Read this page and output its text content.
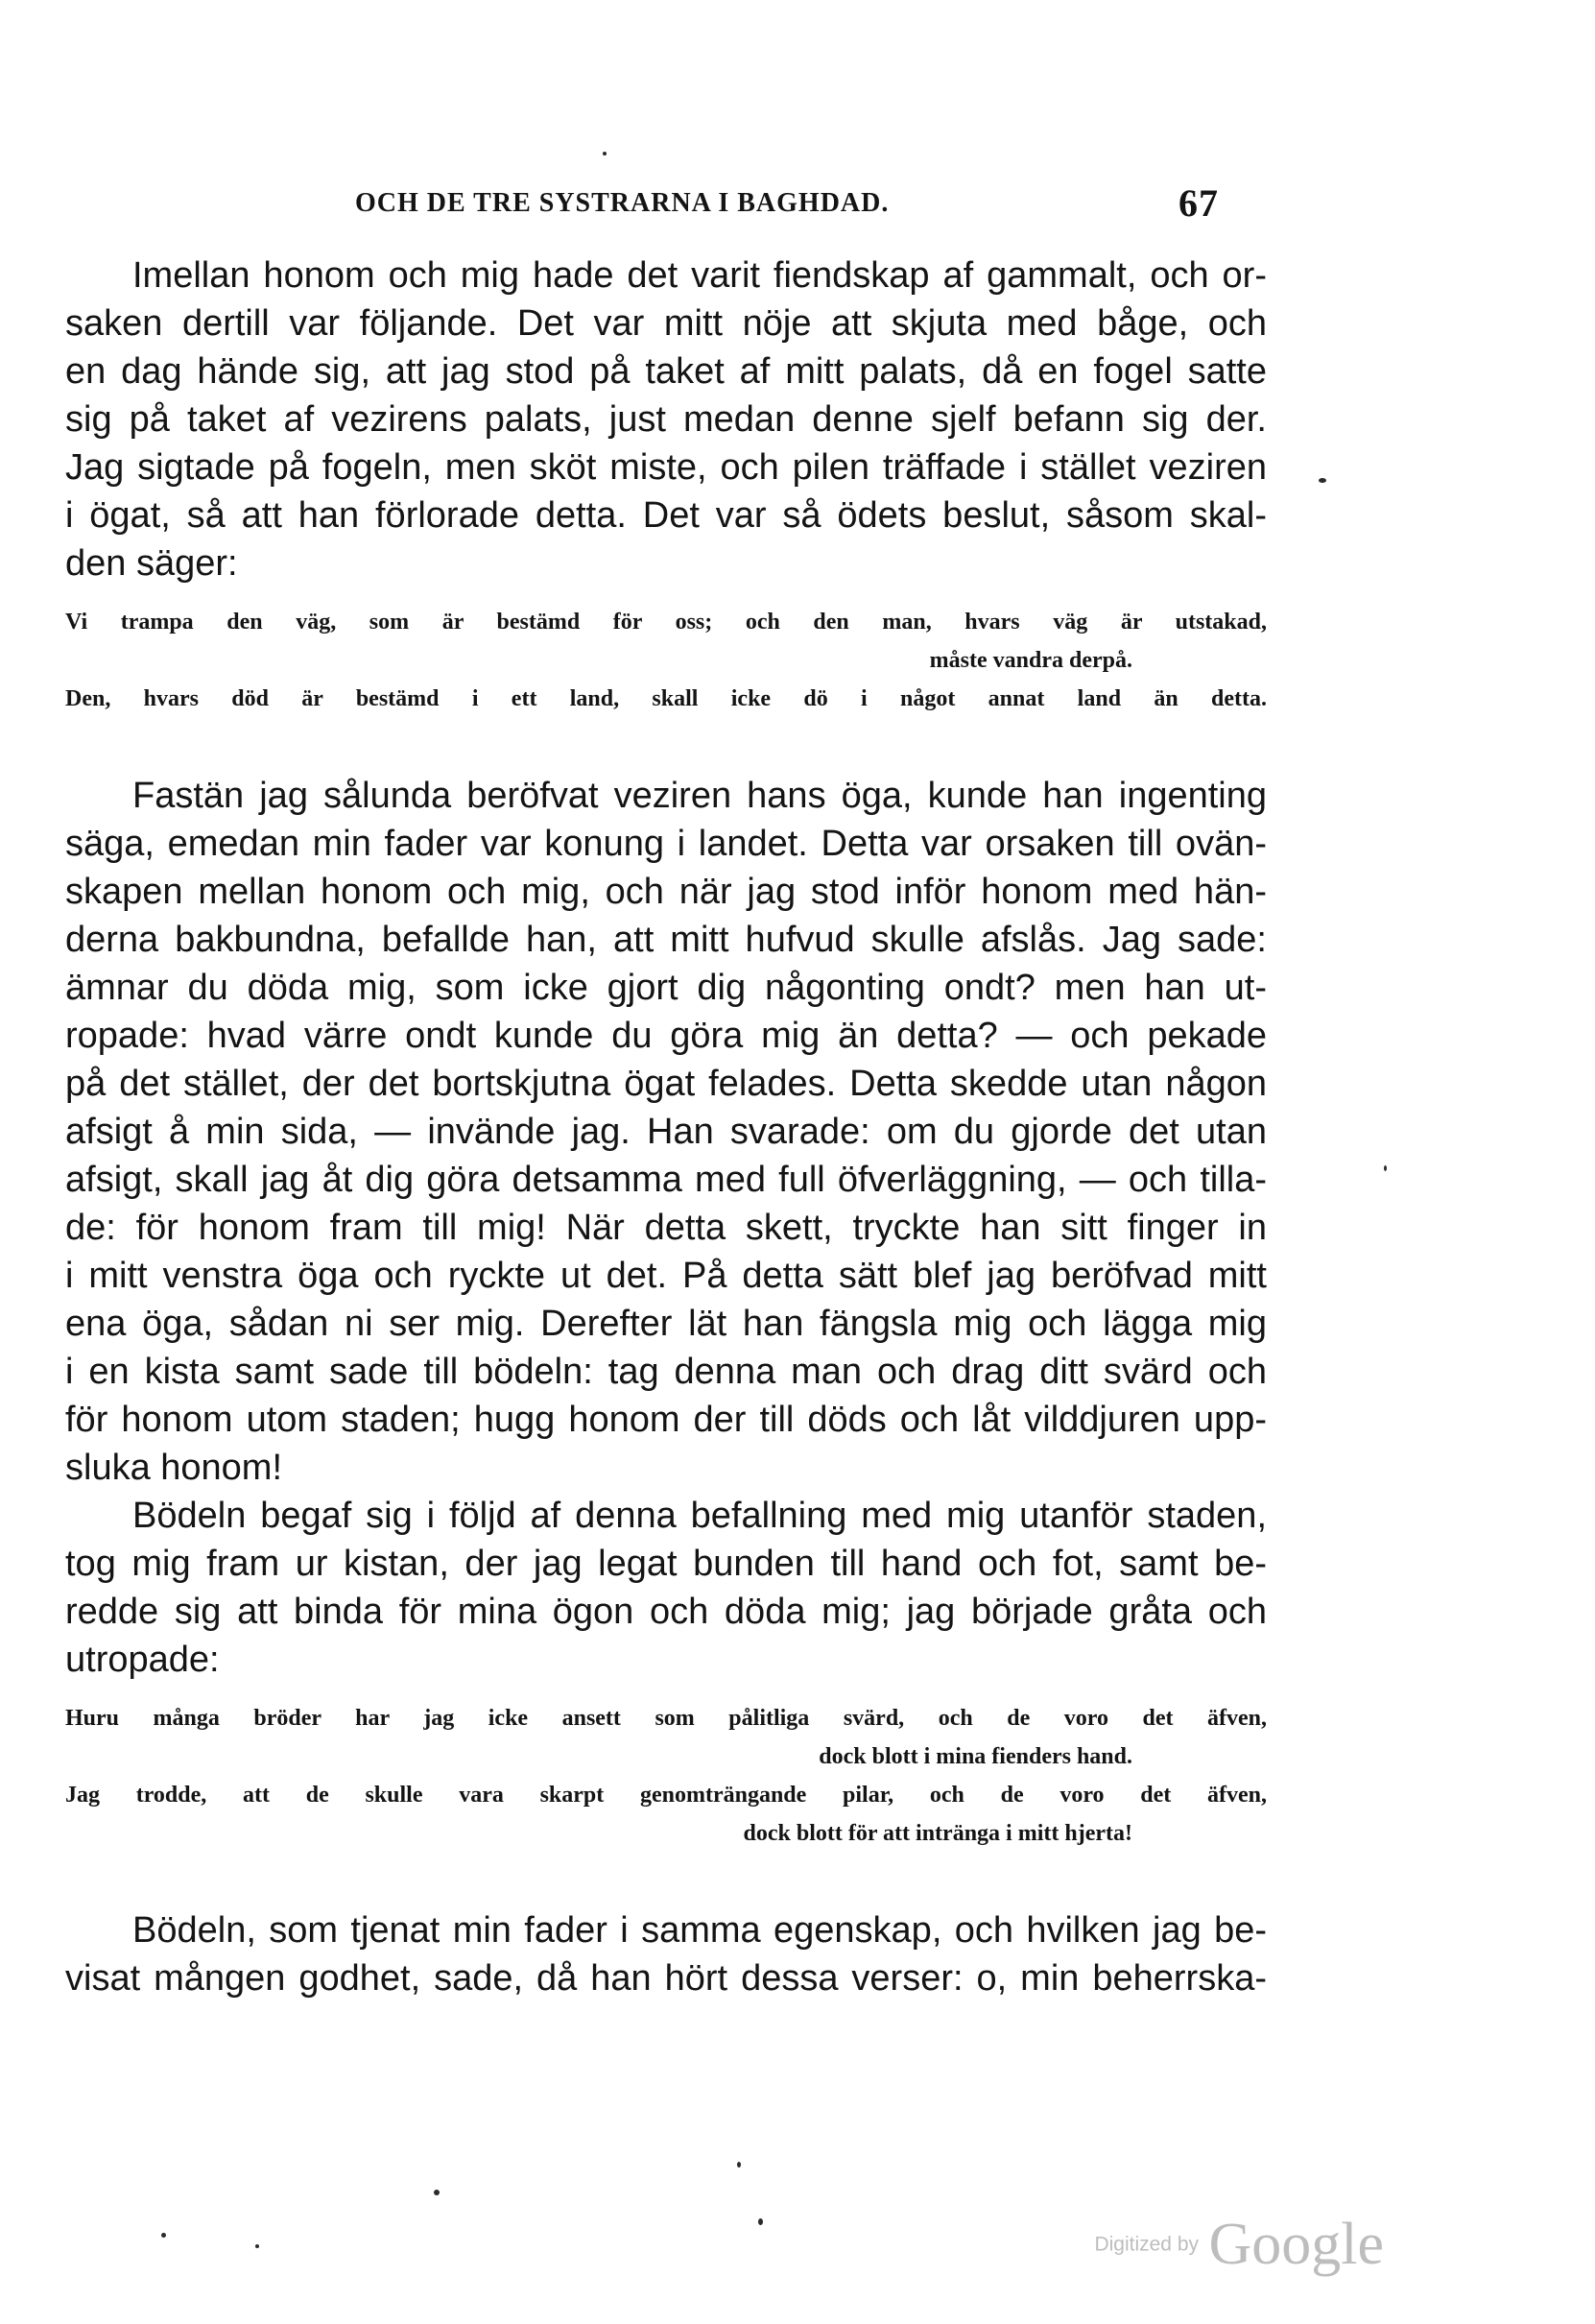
OCH DE TRE SYSTRARNA I BAGHDAD.	67
Imellan honom och mig hade det varit fiendskap af gammalt, och or-
saken dertill var följande. Det var mitt nöje att skjuta med båge, och
en dag hände sig, att jag stod på taket af mitt palats, då en fogel satte
sig på taket af vezirens palats, just medan denne sjelf befann sig der.
Jag sigtade på fogeln, men sköt miste, och pilen träffade i stället veziren
i ögat, så att han förlorade detta. Det var så ödets beslut, såsom skal-
den säger:
Vi trampa den väg, som är bestämd för oss; och den man, hvars väg är utstakad,
måste vandra derpå.
Den, hvars död är bestämd i ett land, skall icke dö i något annat land än detta.
Fastän jag sålunda beröfvat veziren hans öga, kunde han ingenting
säga, emedan min fader var konung i landet. Detta var orsaken till ovän-
skapen mellan honom och mig, och när jag stod inför honom med hän-
derna bakbundna, befallde han, att mitt hufvud skulle afslås. Jag sade:
ämnar du döda mig, som icke gjort dig någonting ondt? men han ut-
ropade: hvad värre ondt kunde du göra mig än detta? — och pekade
på det stället, der det bortskjutna ögat felades. Detta skedde utan någon
afsigt å min sida, — invände jag. Han svarade: om du gjorde det utan
afsigt, skall jag åt dig göra detsamma med full öfverläggning, — och tilla-
de: för honom fram till mig! När detta skett, tryckte han sitt finger in
i mitt venstra öga och ryckte ut det. På detta sätt blef jag beröfvad mitt
ena öga, sådan ni ser mig. Derefter lät han fängsla mig och lägga mig
i en kista samt sade till bödeln: tag denna man och drag ditt svärd och
för honom utom staden; hugg honom der till döds och låt vilddjuren upp-
sluka honom!
Bödeln begaf sig i följd af denna befallning med mig utanför staden,
tog mig fram ur kistan, der jag legat bunden till hand och fot, samt be-
redde sig att binda för mina ögon och döda mig; jag började gråta och
utropade:
Huru många bröder har jag icke ansett som pålitliga svärd, och de voro det äfven,
dock blott i mina fienders hand.
Jag trodde, att de skulle vara skarpt genomträngande pilar, och de voro det äfven,
dock blott för att intränga i mitt hjerta!
Bödeln, som tjenat min fader i samma egenskap, och hvilken jag be-
visat mången godhet, sade, då han hört dessa verser: o, min beherrska-
Digitized by Google
